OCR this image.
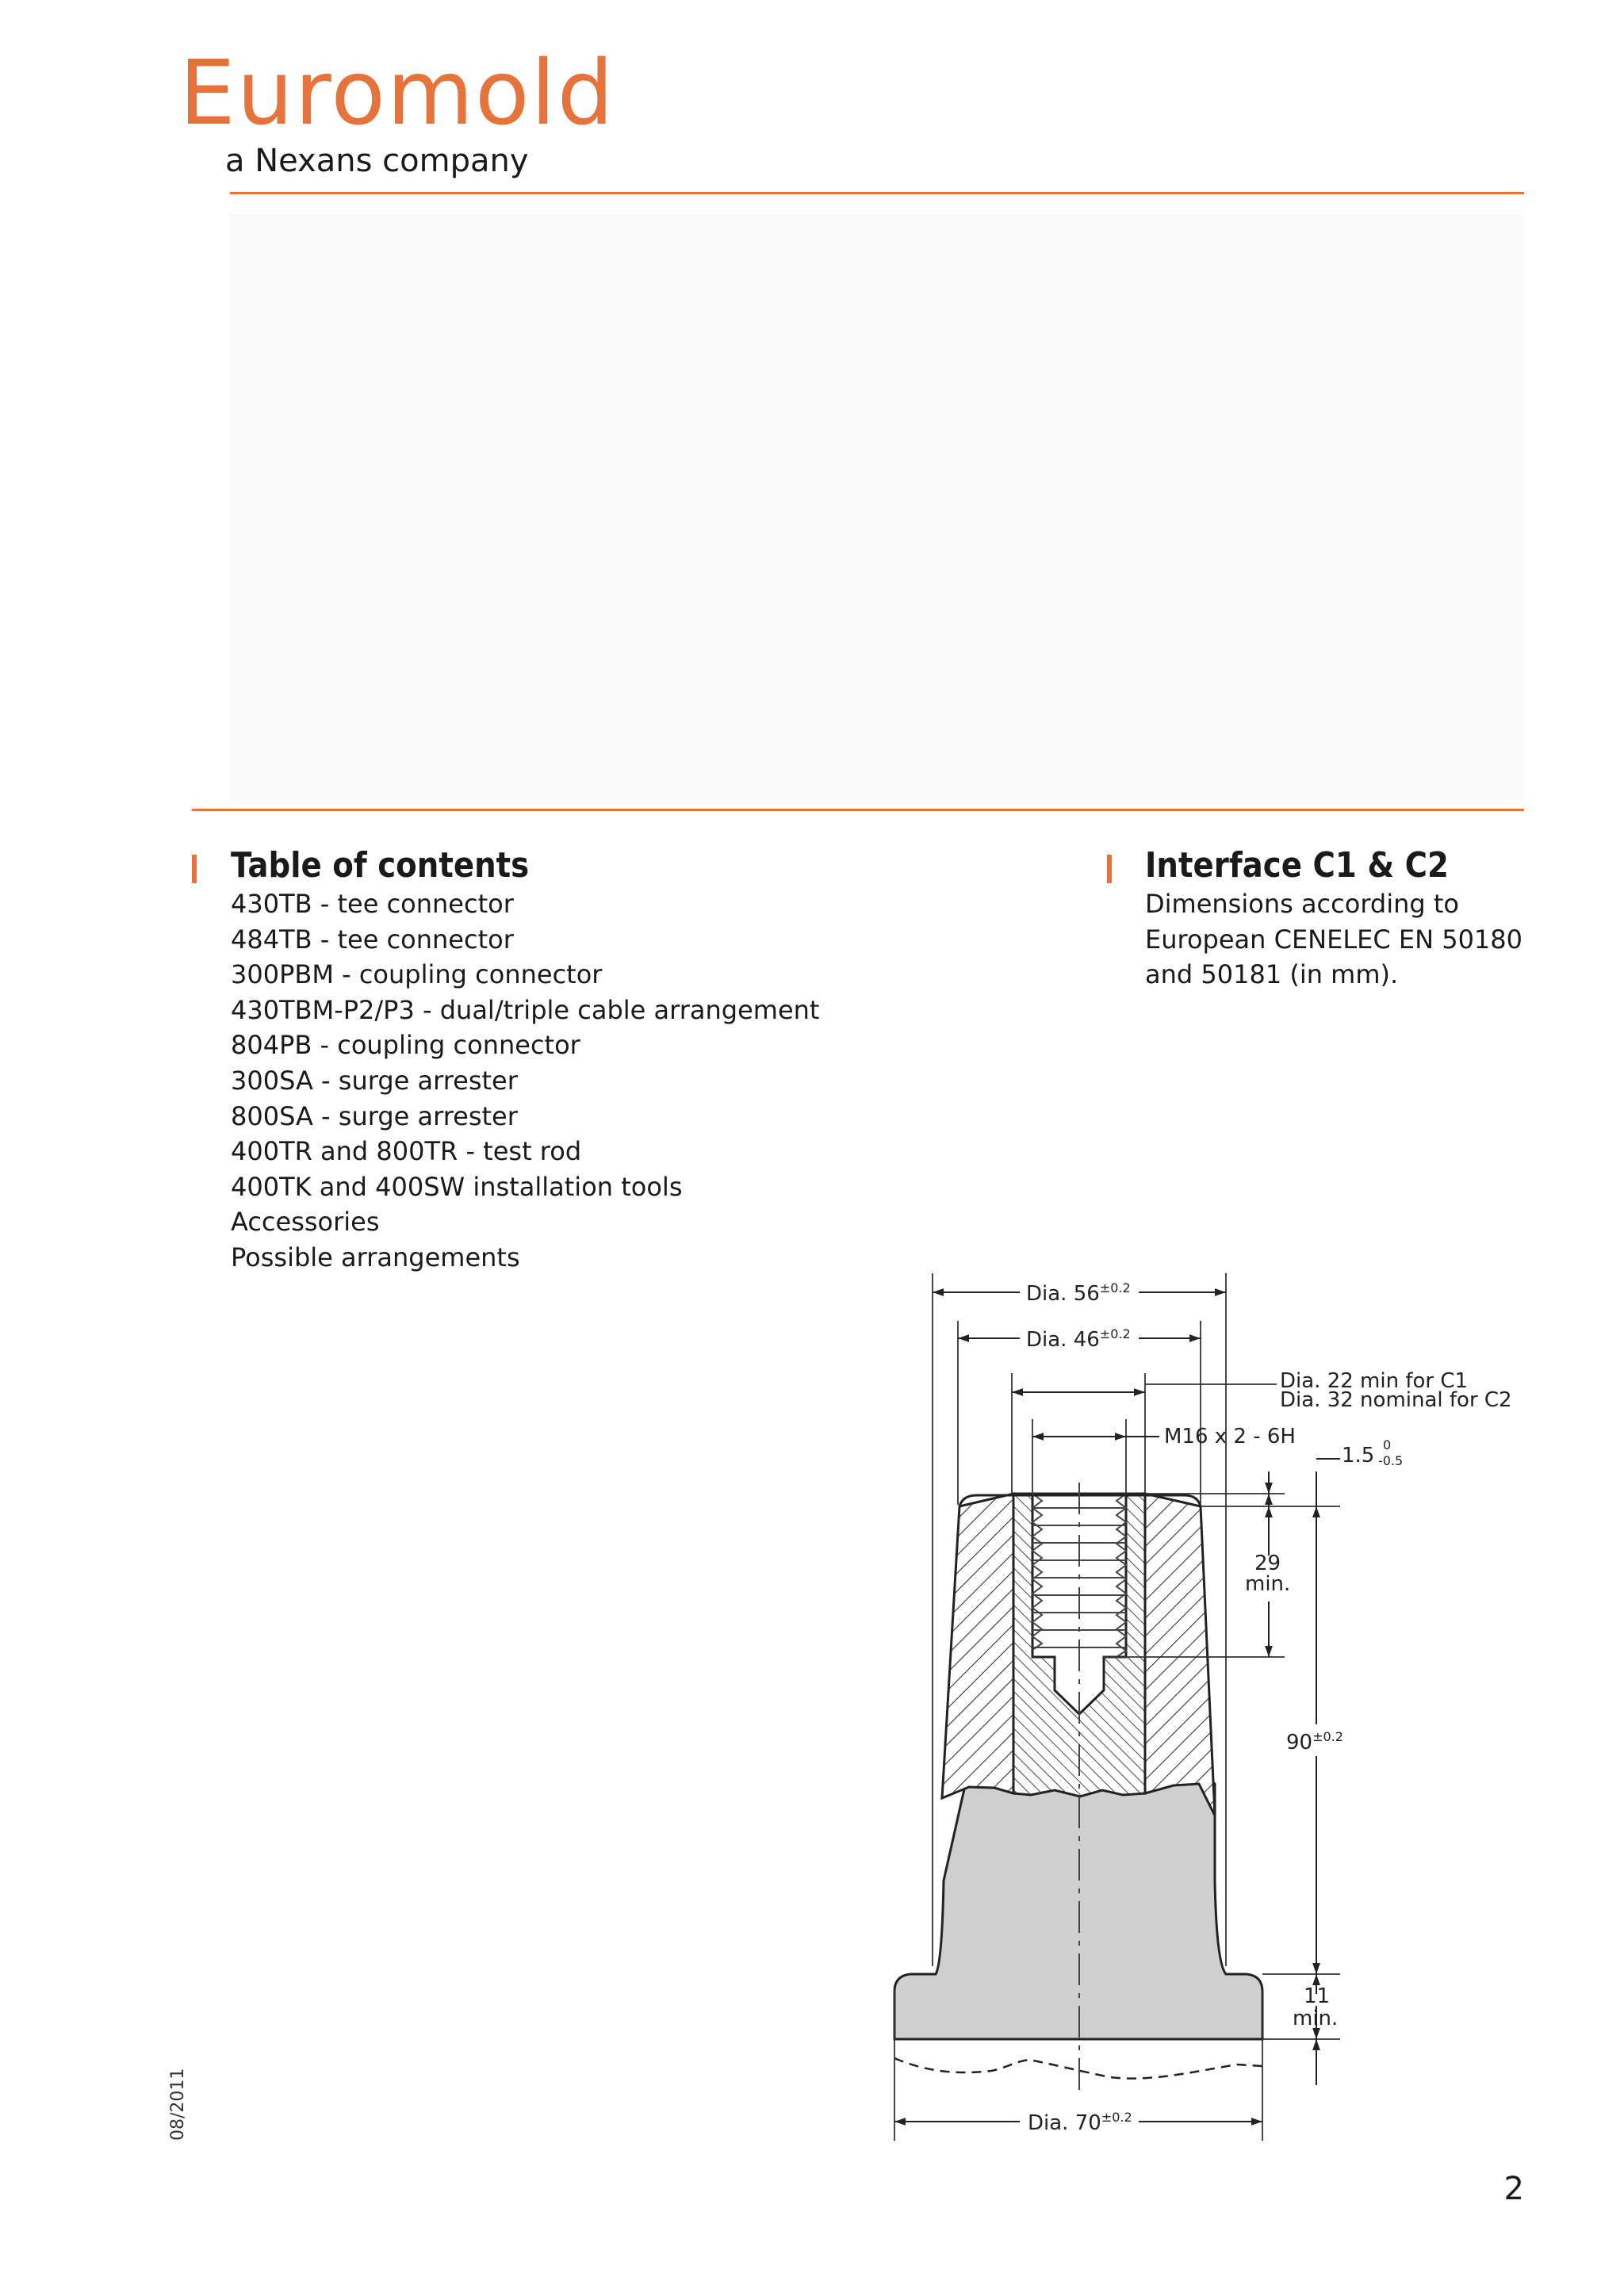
Euromold
a Nexans company
Table of contents
430TB - tee connector
484TB - tee connector
300PBM - coupling connector
430TBM-P2/P3 - dual/triple cable arrangement
804PB - coupling connector
300SA - surge arrester
800SA - surge arrester
400TR and 800TR - test rod
400TK and 400SW installation tools
Accessories
Possible arrangements
Interface C1 & C2
Dimensions according to
European CENELEC EN 50180
and 50181 (in mm).
Dia. $56^{\pm 0.2}$
Dia. $46^{\pm 0.2}$
Dia. 22 min for C1
Dia. 32 nominal for C2
M16 x 2 - 6H
1.5 0 -0.5
29
min.
$90^{\pm 0.2}$
11
min.
Dia. $70^{\pm 0.2}$
08/2011
2
